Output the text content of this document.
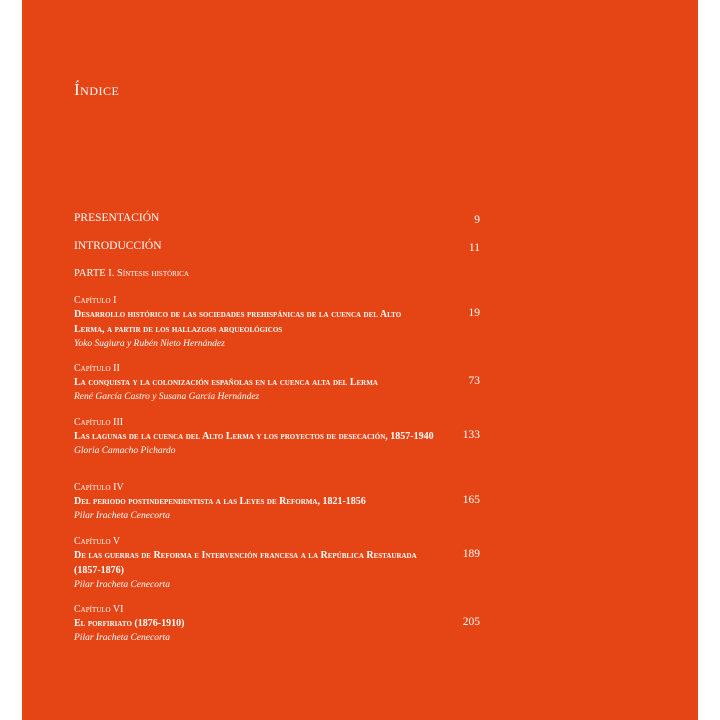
Índice
PRESENTACIÓN	9
INTRODUCCIÓN	11
PARTE I. Síntesis histórica
Capítulo I
Desarrollo histórico de las sociedades prehispánicas de la cuenca del Alto Lerma, a partir de los hallazgos arqueológicos
Yoko Sugiura y Rubén Nieto Hernández
19
Capítulo II
La conquista y la colonización españolas en la cuenca alta del Lerma
René García Castro y Susana García Hernández
73
Capítulo III
Las lagunas de la cuenca del Alto Lerma y los proyectos de desecación, 1857-1940
Gloria Camacho Pichardo
133
Capítulo IV
Del periodo postindependentista a las Leyes de Reforma, 1821-1856
Pilar Iracheta Cenecorta
165
Capítulo V
De las guerras de Reforma e Intervención francesa a la República Restaurada (1857-1876)
Pilar Iracheta Cenecorta
189
Capítulo VI
El porfiriato (1876-1910)
Pilar Iracheta Cenecorta
205
